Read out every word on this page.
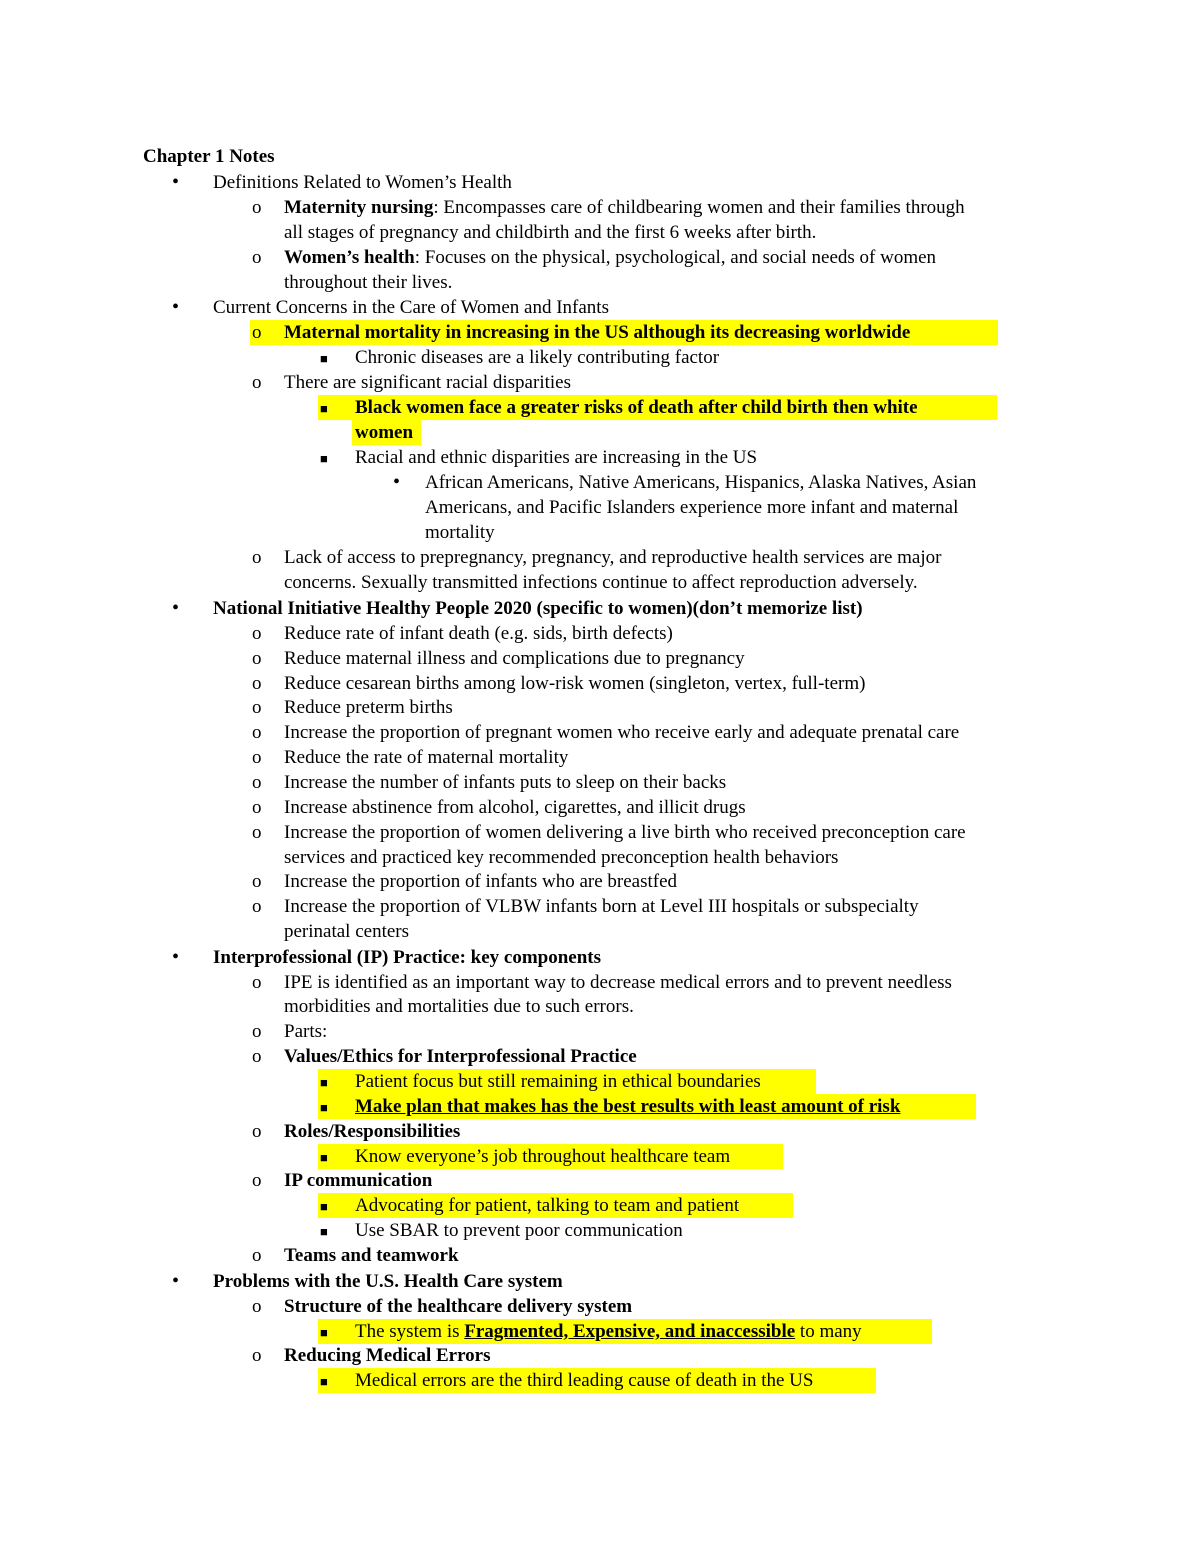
Chapter 1 Notes
• Definitions Related to Women’s Health
o Maternity nursing: Encompasses care of childbearing women and their families through
all stages of pregnancy and childbirth and the first 6 weeks after birth.
o Women’s health: Focuses on the physical, psychological, and social needs of women
throughout their lives.
• Current Concerns in the Care of Women and Infants
o Maternal mortality in increasing in the US although its decreasing worldwide
■ Chronic diseases are a likely contributing factor
o There are significant racial disparities
■ Black women face a greater risks of death after child birth then white
women
■ Racial and ethnic disparities are increasing in the US
• African Americans, Native Americans, Hispanics, Alaska Natives, Asian
Americans, and Pacific Islanders experience more infant and maternal
mortality
o Lack of access to prepregnancy, pregnancy, and reproductive health services are major
concerns. Sexually transmitted infections continue to affect reproduction adversely.
• National Initiative Healthy People 2020 (specific to women)(don’t memorize list)
o Reduce rate of infant death (e.g. sids, birth defects)
o Reduce maternal illness and complications due to pregnancy
o Reduce cesarean births among low-risk women (singleton, vertex, full-term)
o Reduce preterm births
o Increase the proportion of pregnant women who receive early and adequate prenatal care
o Reduce the rate of maternal mortality
o Increase the number of infants puts to sleep on their backs
o Increase abstinence from alcohol, cigarettes, and illicit drugs
o Increase the proportion of women delivering a live birth who received preconception care
services and practiced key recommended preconception health behaviors
o Increase the proportion of infants who are breastfed
o Increase the proportion of VLBW infants born at Level III hospitals or subspecialty
perinatal centers
• Interprofessional (IP) Practice: key components
o IPE is identified as an important way to decrease medical errors and to prevent needless
morbidities and mortalities due to such errors.
o Parts:
o Values/Ethics for Interprofessional Practice
■ Patient focus but still remaining in ethical boundaries
■ Make plan that makes has the best results with least amount of risk
o Roles/Responsibilities
■ Know everyone’s job throughout healthcare team
o IP communication
■ Advocating for patient, talking to team and patient
■ Use SBAR to prevent poor communication
o Teams and teamwork
• Problems with the U.S. Health Care system
o Structure of the healthcare delivery system
■ The system is Fragmented, Expensive, and inaccessible to many
o Reducing Medical Errors
■ Medical errors are the third leading cause of death in the US
